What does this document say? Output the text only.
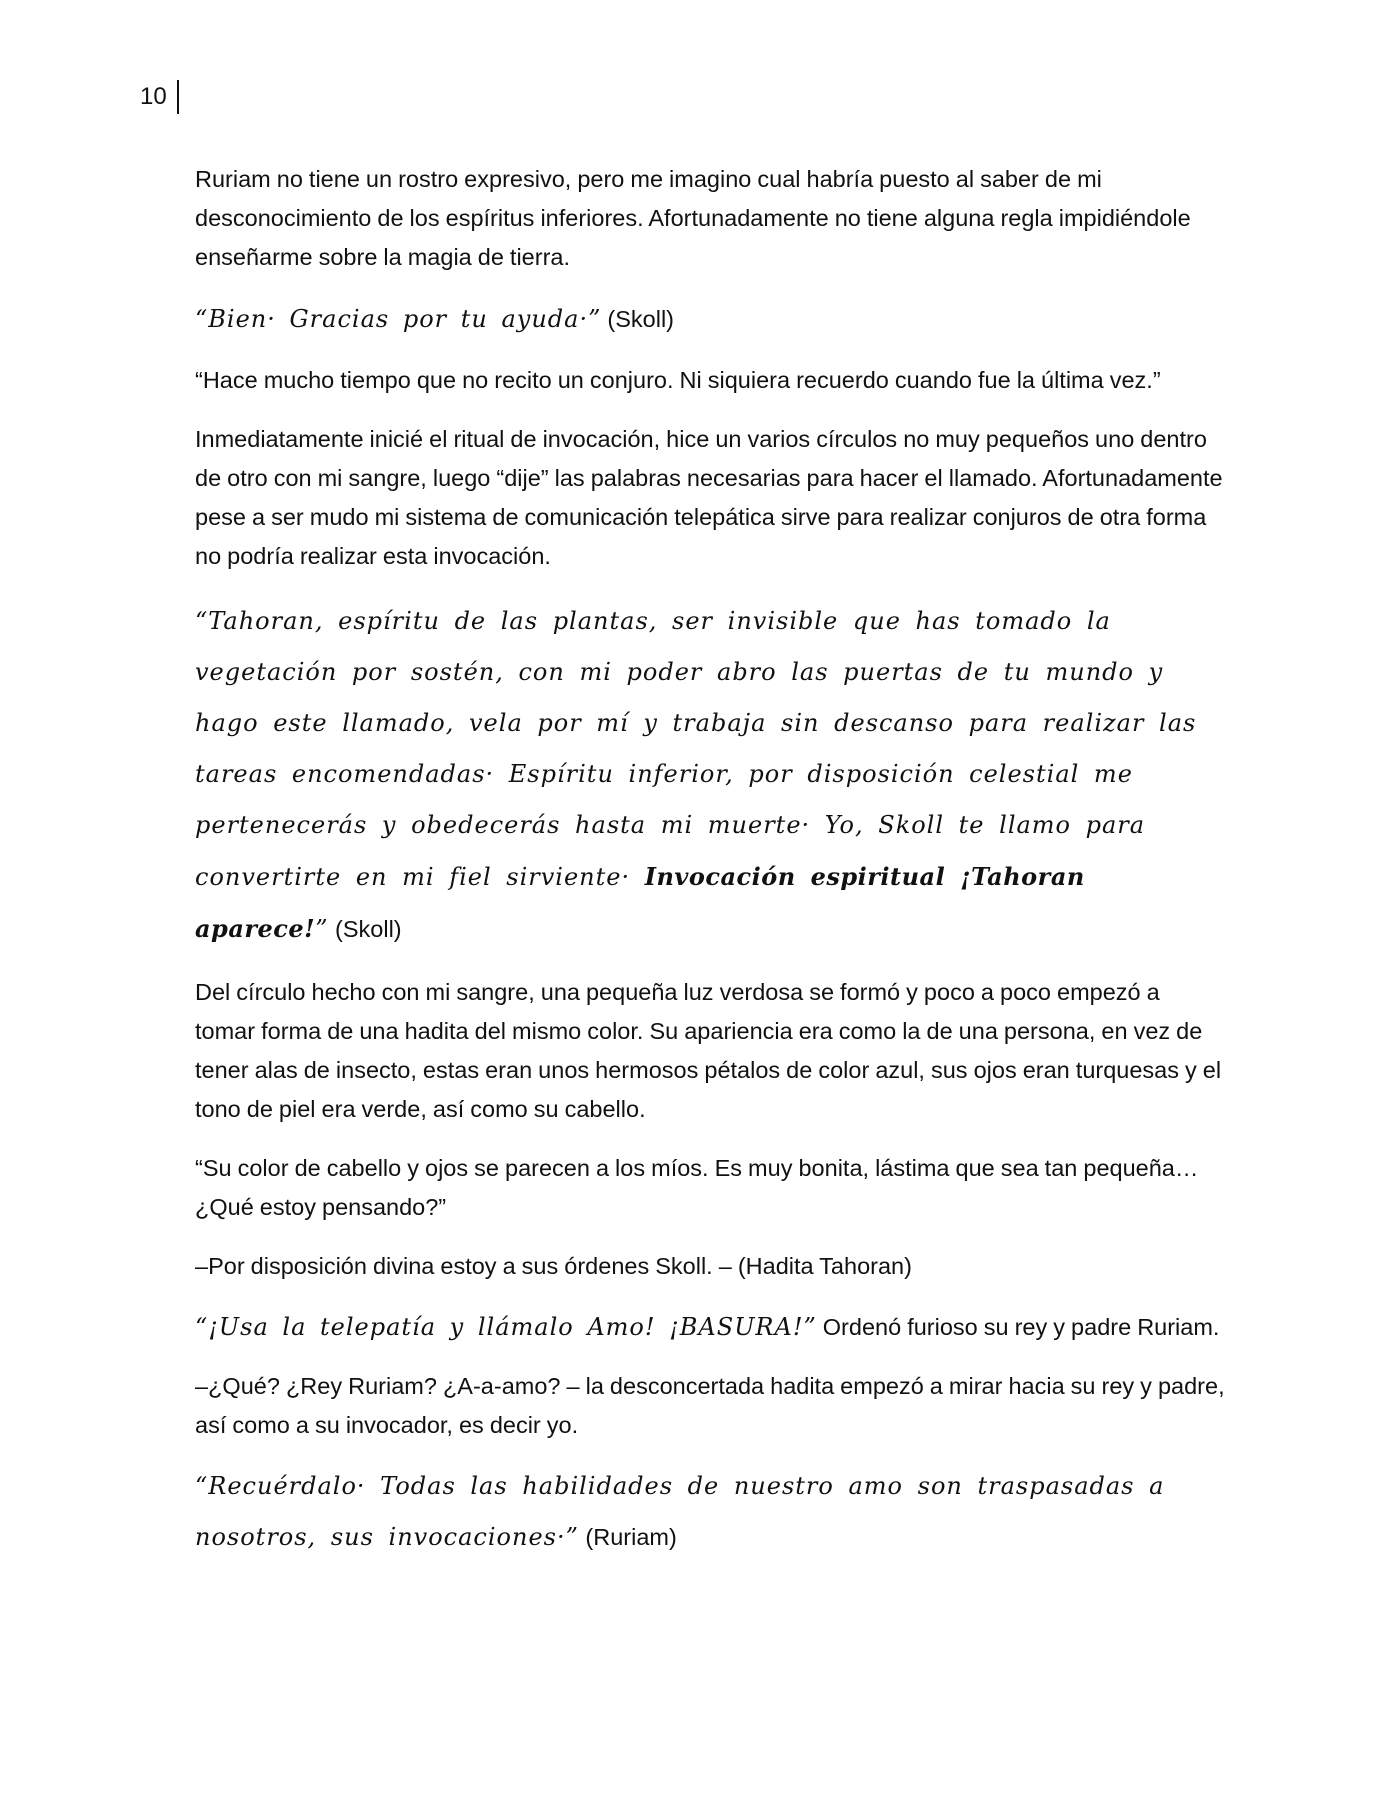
10

Ruriam no tiene un rostro expresivo, pero me imagino cual habría puesto al saber de mi desconocimiento de los espíritus inferiores. Afortunadamente no tiene alguna regla impidiéndole enseñarme sobre la magia de tierra.

“Bien· Gracias por tu ayuda·” (Skoll)

“Hace mucho tiempo que no recito un conjuro. Ni siquiera recuerdo cuando fue la última vez.”

Inmediatamente inicié el ritual de invocación, hice un varios círculos no muy pequeños uno dentro de otro con mi sangre, luego “dije” las palabras necesarias para hacer el llamado. Afortunadamente pese a ser mudo mi sistema de comunicación telepática sirve para realizar conjuros de otra forma no podría realizar esta invocación.

“Tahoran, espíritu de las plantas, ser invisible que has tomado la vegetación por sostén, con mi poder abro las puertas de tu mundo y hago este llamado, vela por mí y trabaja sin descanso para realizar las tareas encomendadas· Espíritu inferior, por disposición celestial me pertenecerás y obedecerás hasta mi muerte· Yo, Skoll te llamo para convertirte en mi fiel sirviente· Invocación espiritual ¡Tahoran aparece!” (Skoll)

Del círculo hecho con mi sangre, una pequeña luz verdosa se formó y poco a poco empezó a tomar forma de una hadita del mismo color. Su apariencia era como la de una persona, en vez de tener alas de insecto, estas eran unos hermosos pétalos de color azul, sus ojos eran turquesas y el tono de piel era verde, así como su cabello.

“Su color de cabello y ojos se parecen a los míos. Es muy bonita, lástima que sea tan pequeña… ¿Qué estoy pensando?”

–Por disposición divina estoy a sus órdenes Skoll. – (Hadita Tahoran)

“¡Usa la telepatía y llámalo Amo! ¡BASURA!” Ordenó furioso su rey y padre Ruriam.

–¿Qué? ¿Rey Ruriam? ¿A-a-amo? – la desconcertada hadita empezó a mirar hacia su rey y padre, así como a su invocador, es decir yo.

“Recuérdalo· Todas las habilidades de nuestro amo son traspasadas a nosotros, sus invocaciones·” (Ruriam)
